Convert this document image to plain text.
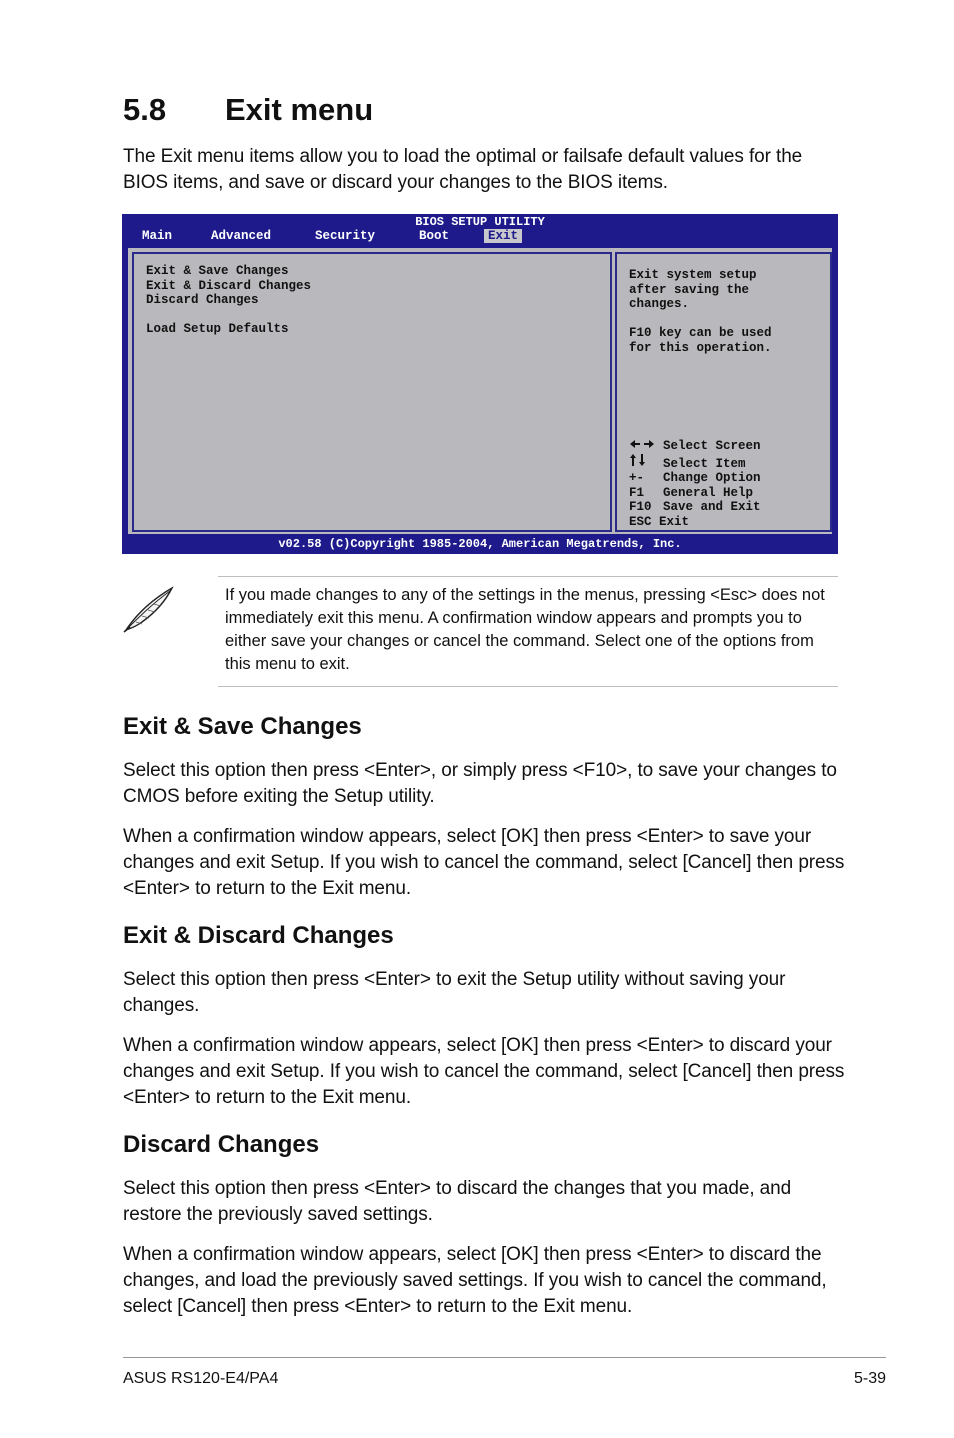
5.8 Exit menu

The Exit menu items allow you to load the optimal or failsafe default values for the BIOS items, and save or discard your changes to the BIOS items.

BIOS SETUP UTILITY
Main	Advanced	Security	Boot	Exit
Exit & Save Changes
Exit & Discard Changes
Discard Changes
Load Setup Defaults
Exit system setup
after saving the
changes.

F10 key can be used
for this operation.
Select Screen
Select Item
+- Change Option
F1 General Help
F10 Save and Exit
ESC Exit
v02.58 (C)Copyright 1985-2004, American Megatrends, Inc.

If you made changes to any of the settings in the menus, pressing <Esc> does not immediately exit this menu. A confirmation window appears and prompts you to either save your changes or cancel the command. Select one of the options from this menu to exit.

Exit & Save Changes

Select this option then press <Enter>, or simply press <F10>, to save your changes to CMOS before exiting the Setup utility.

When a confirmation window appears, select [OK] then press <Enter> to save your changes and exit Setup. If you wish to cancel the command, select [Cancel] then press <Enter> to return to the Exit menu.

Exit & Discard Changes

Select this option then press <Enter> to exit the Setup utility without saving your changes.

When a confirmation window appears, select [OK] then press <Enter> to discard your changes and exit Setup. If you wish to cancel the command, select [Cancel] then press <Enter> to return to the Exit menu.

Discard Changes

Select this option then press <Enter> to discard the changes that you made, and restore the previously saved settings.

When a confirmation window appears, select [OK] then press <Enter> to discard the changes, and load the previously saved settings. If you wish to cancel the command, select [Cancel] then press <Enter> to return to the Exit menu.

ASUS RS120-E4/PA4	5-39
